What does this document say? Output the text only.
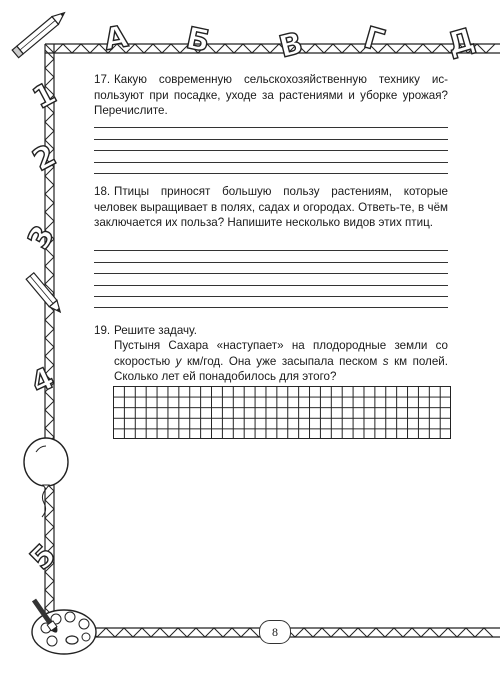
А Б В Г Д
1
2
3
4
5
17. Какую современную сельскохозяйственную технику ис-пользуют при посадке, уходе за растениями и уборке урожая? Перечислите.
18. Птицы приносят большую пользу растениям, которые человек выращивает в полях, садах и огородах. Ответь-те, в чём заключается их польза? Напишите несколько видов этих птиц.
19. Решите задачу.
Пустыня Сахара «наступает» на плодородные земли со скоростью у км/год. Она уже засыпала песком s км полей. Сколько лет ей понадобилось для этого?
8
